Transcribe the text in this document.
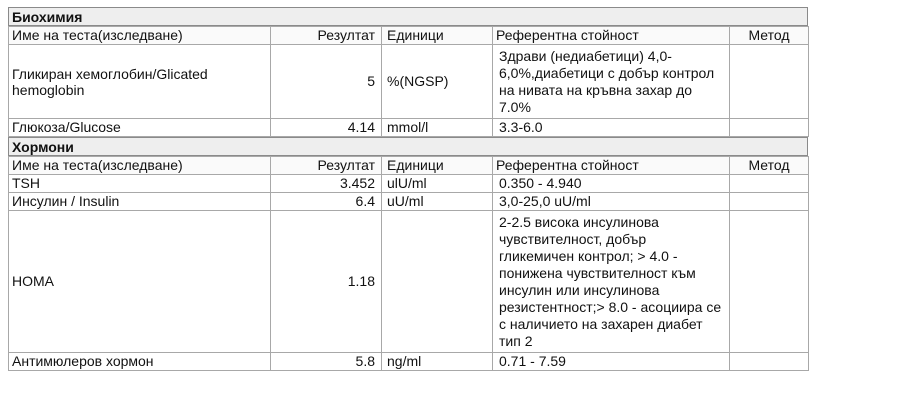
Биохимия
Име на теста(изследване)	Резултат	Единици	Референтна стойност	Метод
Гликиран хемоглобин/Glicated hemoglobin	5	%(NGSP)	Здрави (недиабетици) 4,0-6,0%,диабетици с добър контрол на нивата на кръвна захар до 7.0%	
Глюкоза/Glucose	4.14	mmol/l	3.3-6.0	
Хормони
Име на теста(изследване)	Резултат	Единици	Референтна стойност	Метод
TSH	3.452	ulU/ml	0.350 - 4.940	
Инсулин / Insulin	6.4	uU/ml	3,0-25,0 uU/ml	
HOMA	1.18		2-2.5 висока инсулинова чувствителност, добър гликемичен контрол; > 4.0 - понижена чувствителност към инсулин или инсулинова резистентност;> 8.0 - асоциира се с наличието на захарен диабет тип 2	
Антимюлеров хормон	5.8	ng/ml	0.71 - 7.59	
